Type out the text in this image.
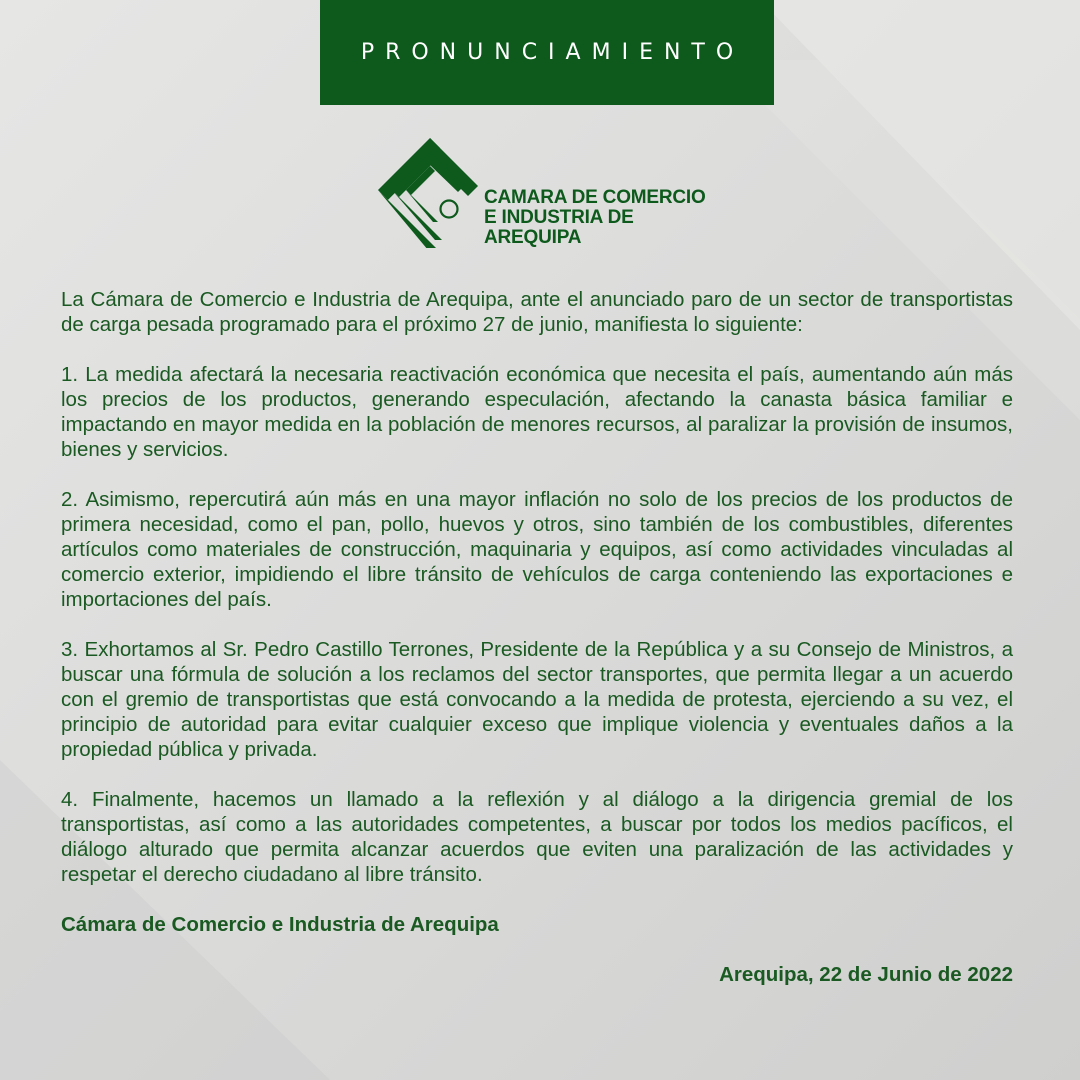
PRONUNCIAMIENTO
CAMARA DE COMERCIO
E INDUSTRIA DE
AREQUIPA

La Cámara de Comercio e Industria de Arequipa, ante el anunciado paro de un sector de transportistas de carga pesada programado para el próximo 27 de junio, manifiesta lo siguiente:

1. La medida afectará la necesaria reactivación económica que necesita el país, aumentando aún más los precios de los productos, generando especulación, afectando la canasta básica familiar e impactando en mayor medida en la población de menores recursos, al paralizar la provisión de insumos, bienes y servicios.

2. Asimismo, repercutirá aún más en una mayor inflación no solo de los precios de los productos de primera necesidad, como el pan, pollo, huevos y otros, sino también de los combustibles, diferentes artículos como materiales de construcción, maquinaria y equipos, así como actividades vinculadas al comercio exterior, impidiendo el libre tránsito de vehículos de carga conteniendo las exportaciones e importaciones del país.

3. Exhortamos al Sr. Pedro Castillo Terrones, Presidente de la República y a su Consejo de Ministros, a buscar una fórmula de solución a los reclamos del sector transportes, que permita llegar a un acuerdo con el gremio de transportistas que está convocando a la medida de protesta, ejerciendo a su vez, el principio de autoridad para evitar cualquier exceso que implique violencia y eventuales daños a la propiedad pública y privada.

4. Finalmente, hacemos un llamado a la reflexión y al diálogo a la dirigencia gremial de los transportistas, así como a las autoridades competentes, a buscar por todos los medios pacíficos, el diálogo alturado que permita alcanzar acuerdos que eviten una paralización de las actividades y respetar el derecho ciudadano al libre tránsito.

Cámara de Comercio e Industria de Arequipa

Arequipa, 22 de Junio de 2022
